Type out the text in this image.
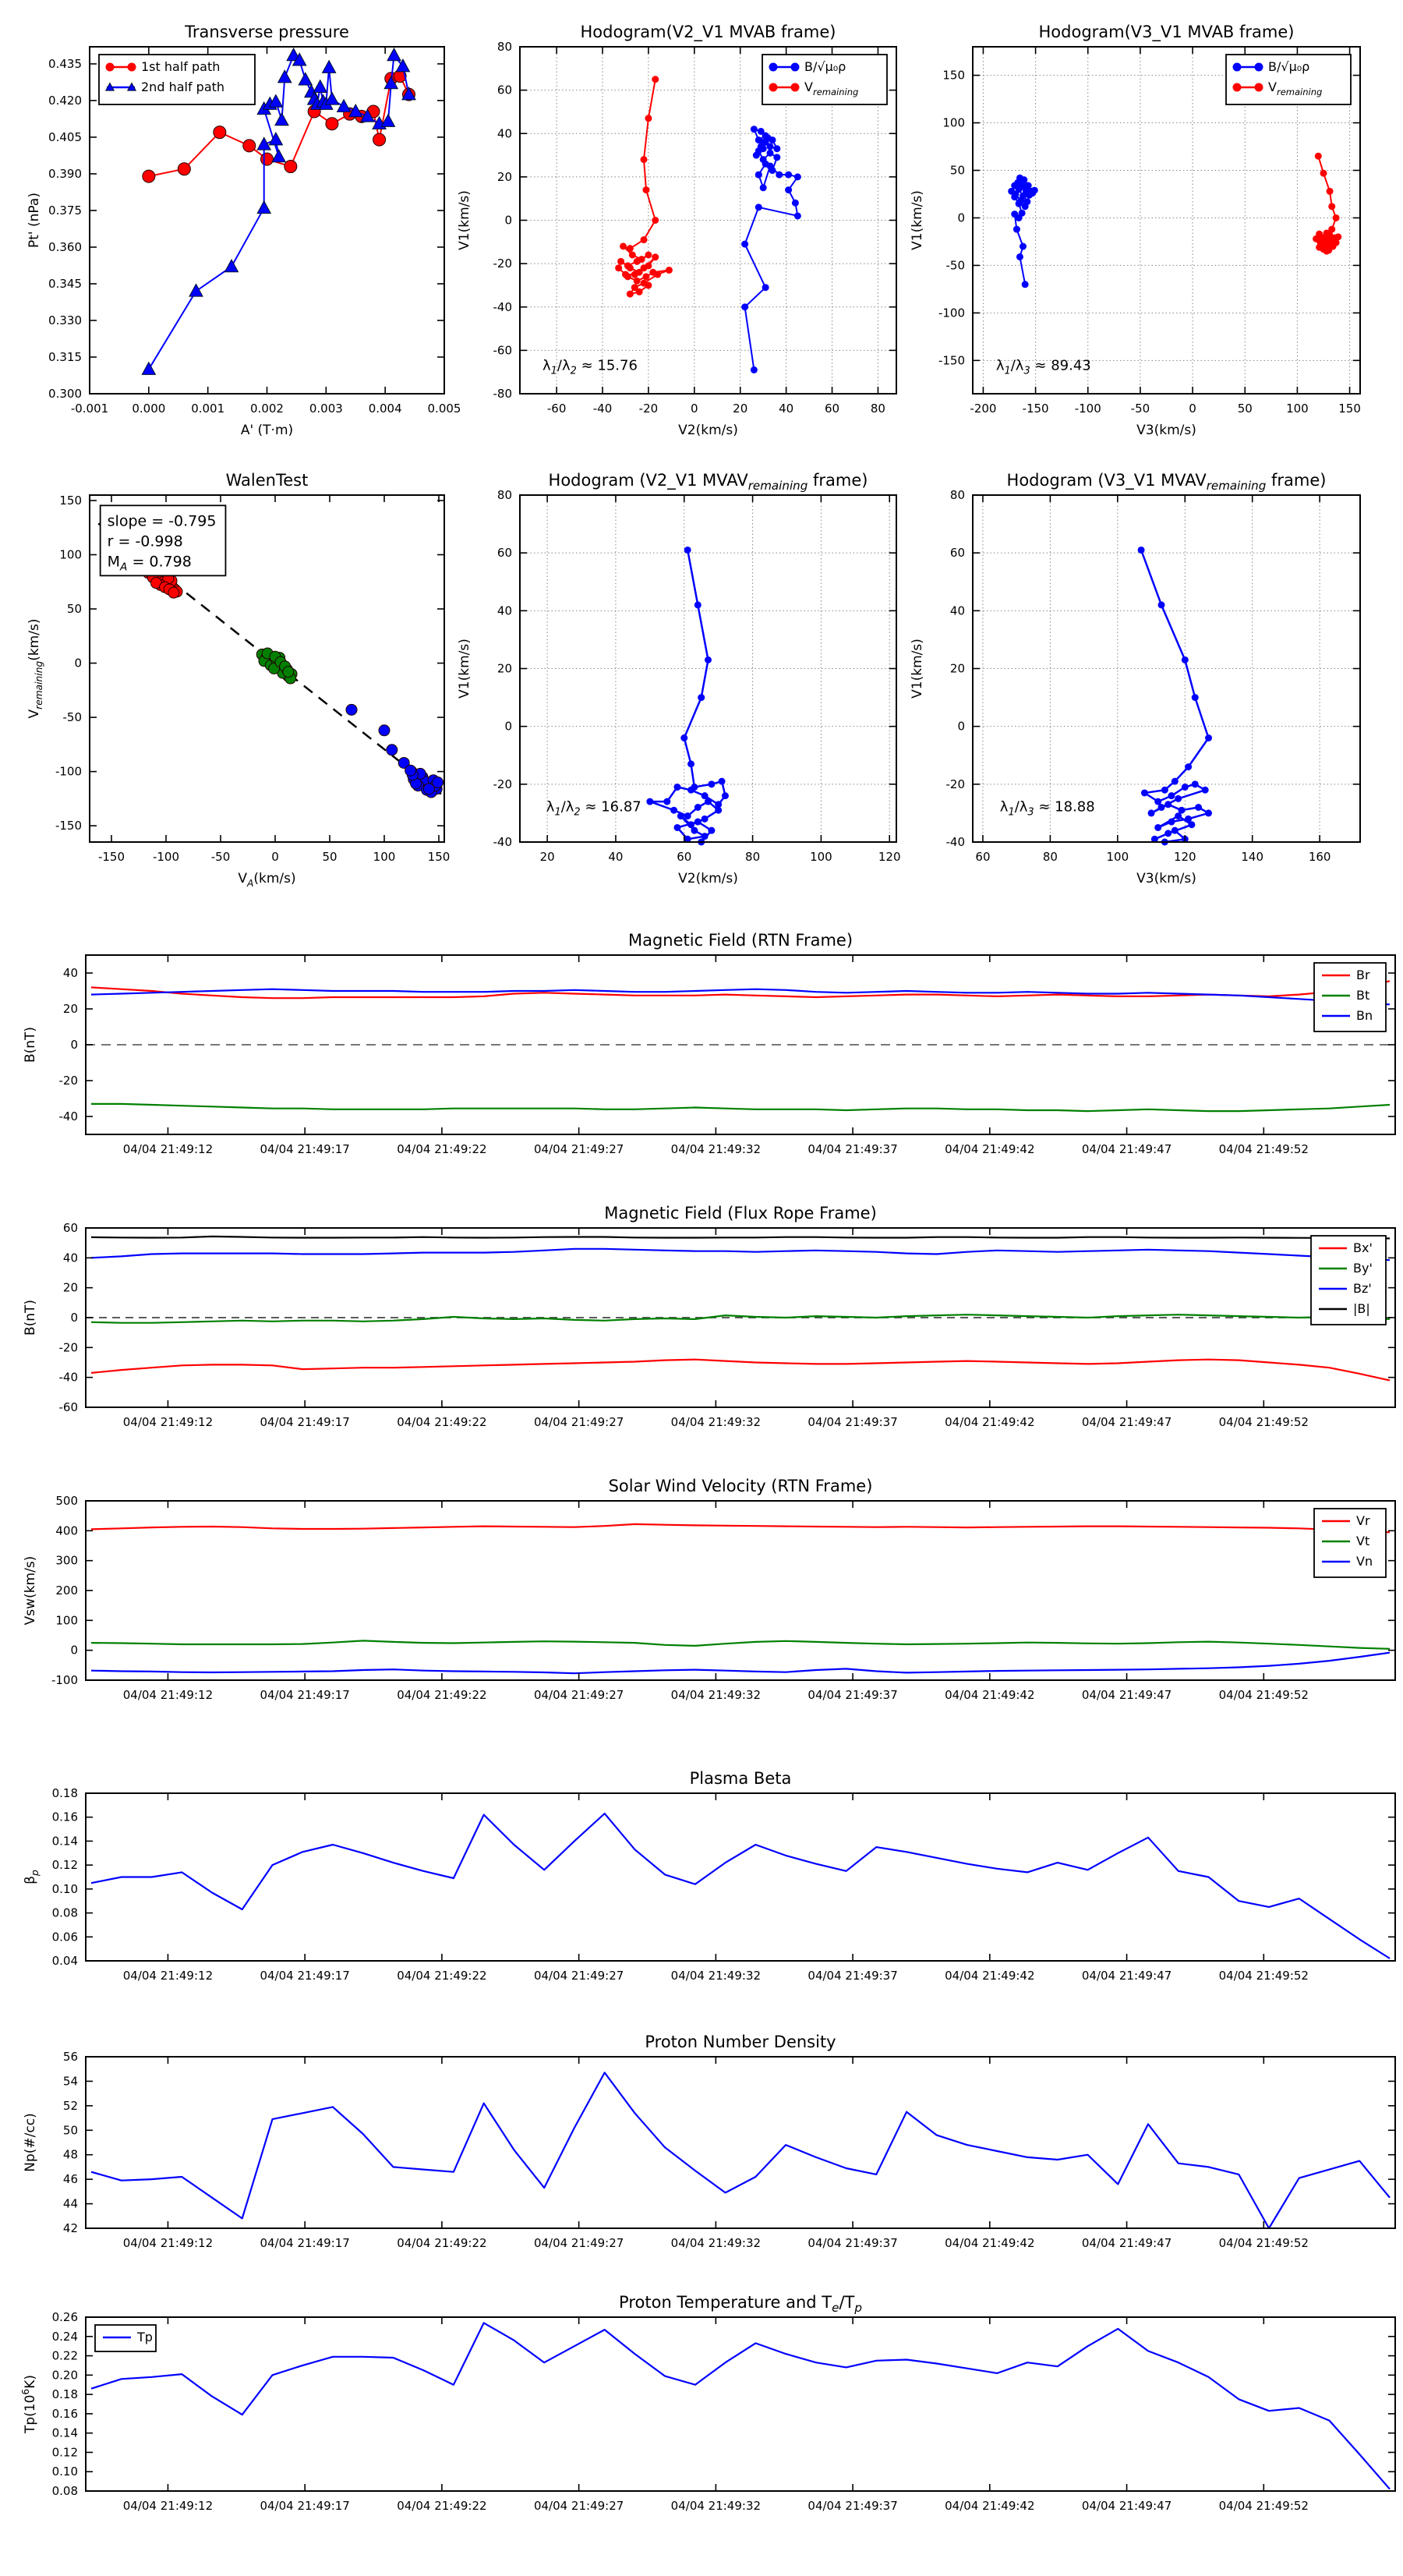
-0.001 0.000 0.001 0.002 0.003 0.004 0.005
0.300
0.315
0.330
0.345
0.360
0.375
0.390
0.405
0.420
0.435
Transverse pressure
A' (T·m)
Pt' (nPa)
1st half path
2nd half path
-60 -40 -20	0	20	40	60	80
-80
-60
-40
-20
0
20
40
60
80
Hodogram(V2_V1 MVAB frame)
V2(km/s)
V1(km/s)
B/√μ₀ρ
$V_{remaining}$
$\lambda_1/\lambda_2 \approx 15.76$
-200 -150 -100	-50	0	50	100	150
-150
-100
-50
0
50
100
150
Hodogram(V3_V1 MVAB frame)
V3(km/s)
V1(km/s)
B/√μ₀ρ
$V_{remaining}$
$\lambda_1/\lambda_3 \approx 89.43$
-150 -100	-50	0	50	100	150
-150
-100
-50
0
50
100
150
WalenTest
$V_A(km/s)$
$V_{remaining}(km/s)$
slope = -0.795
r = -0.998
$M_A = 0.798$
20	40	60	80	100	120
-40
-20
0
20
40
60
80
Hodogram (V2_V1 $MVAV_{remaining}$ frame)
V2(km/s)
V1(km/s)
$\lambda_1/\lambda_2 \approx 16.87$
60	80	100	120	140	160
-40
-20
0
20
40
60
80
Hodogram (V3_V1 $MVAV_{remaining}$ frame)
V3(km/s)
V1(km/s)
$\lambda_1/\lambda_3 \approx 18.88$
04/04 21:49:12	04/04 21:49:17	04/04 21:49:22	04/04 21:49:27	04/04 21:49:32	04/04 21:49:37	04/04 21:49:42	04/04 21:49:47	04/04 21:49:52
-40
-20
0
20
40
Magnetic Field (RTN Frame)
B(nT)
Br
Bt
Bn
04/04 21:49:12	04/04 21:49:17	04/04 21:49:22	04/04 21:49:27	04/04 21:49:32	04/04 21:49:37	04/04 21:49:42	04/04 21:49:47	04/04 21:49:52
-60
-40
-20
0
20
40
60
Magnetic Field (Flux Rope Frame)
B(nT)
Bx'
By'
Bz'
|B|
04/04 21:49:12	04/04 21:49:17	04/04 21:49:22	04/04 21:49:27	04/04 21:49:32	04/04 21:49:37	04/04 21:49:42	04/04 21:49:47	04/04 21:49:52
-100
0
100
200
300
400
500
Solar Wind Velocity (RTN Frame)
Vsw(km/s)
Vr
Vt
Vn
04/04 21:49:12	04/04 21:49:17	04/04 21:49:22	04/04 21:49:27	04/04 21:49:32	04/04 21:49:37	04/04 21:49:42	04/04 21:49:47	04/04 21:49:52
0.04
0.06
0.08
0.10
0.12
0.14
0.16
0.18
Plasma Beta
$\beta_p$
04/04 21:49:12	04/04 21:49:17	04/04 21:49:22	04/04 21:49:27	04/04 21:49:32	04/04 21:49:37	04/04 21:49:42	04/04 21:49:47	04/04 21:49:52
42
44
46
48
50
52
54
56
Proton Number Density
Np(#/cc)
04/04 21:49:12	04/04 21:49:17	04/04 21:49:22	04/04 21:49:27	04/04 21:49:32	04/04 21:49:37	04/04 21:49:42	04/04 21:49:47	04/04 21:49:52
0.08
0.10
0.12
0.14
0.16
0.18
0.20
0.22
0.24
0.26
Proton Temperature and $T_e/T_p$
$Tp(10^6K)$
Tp
